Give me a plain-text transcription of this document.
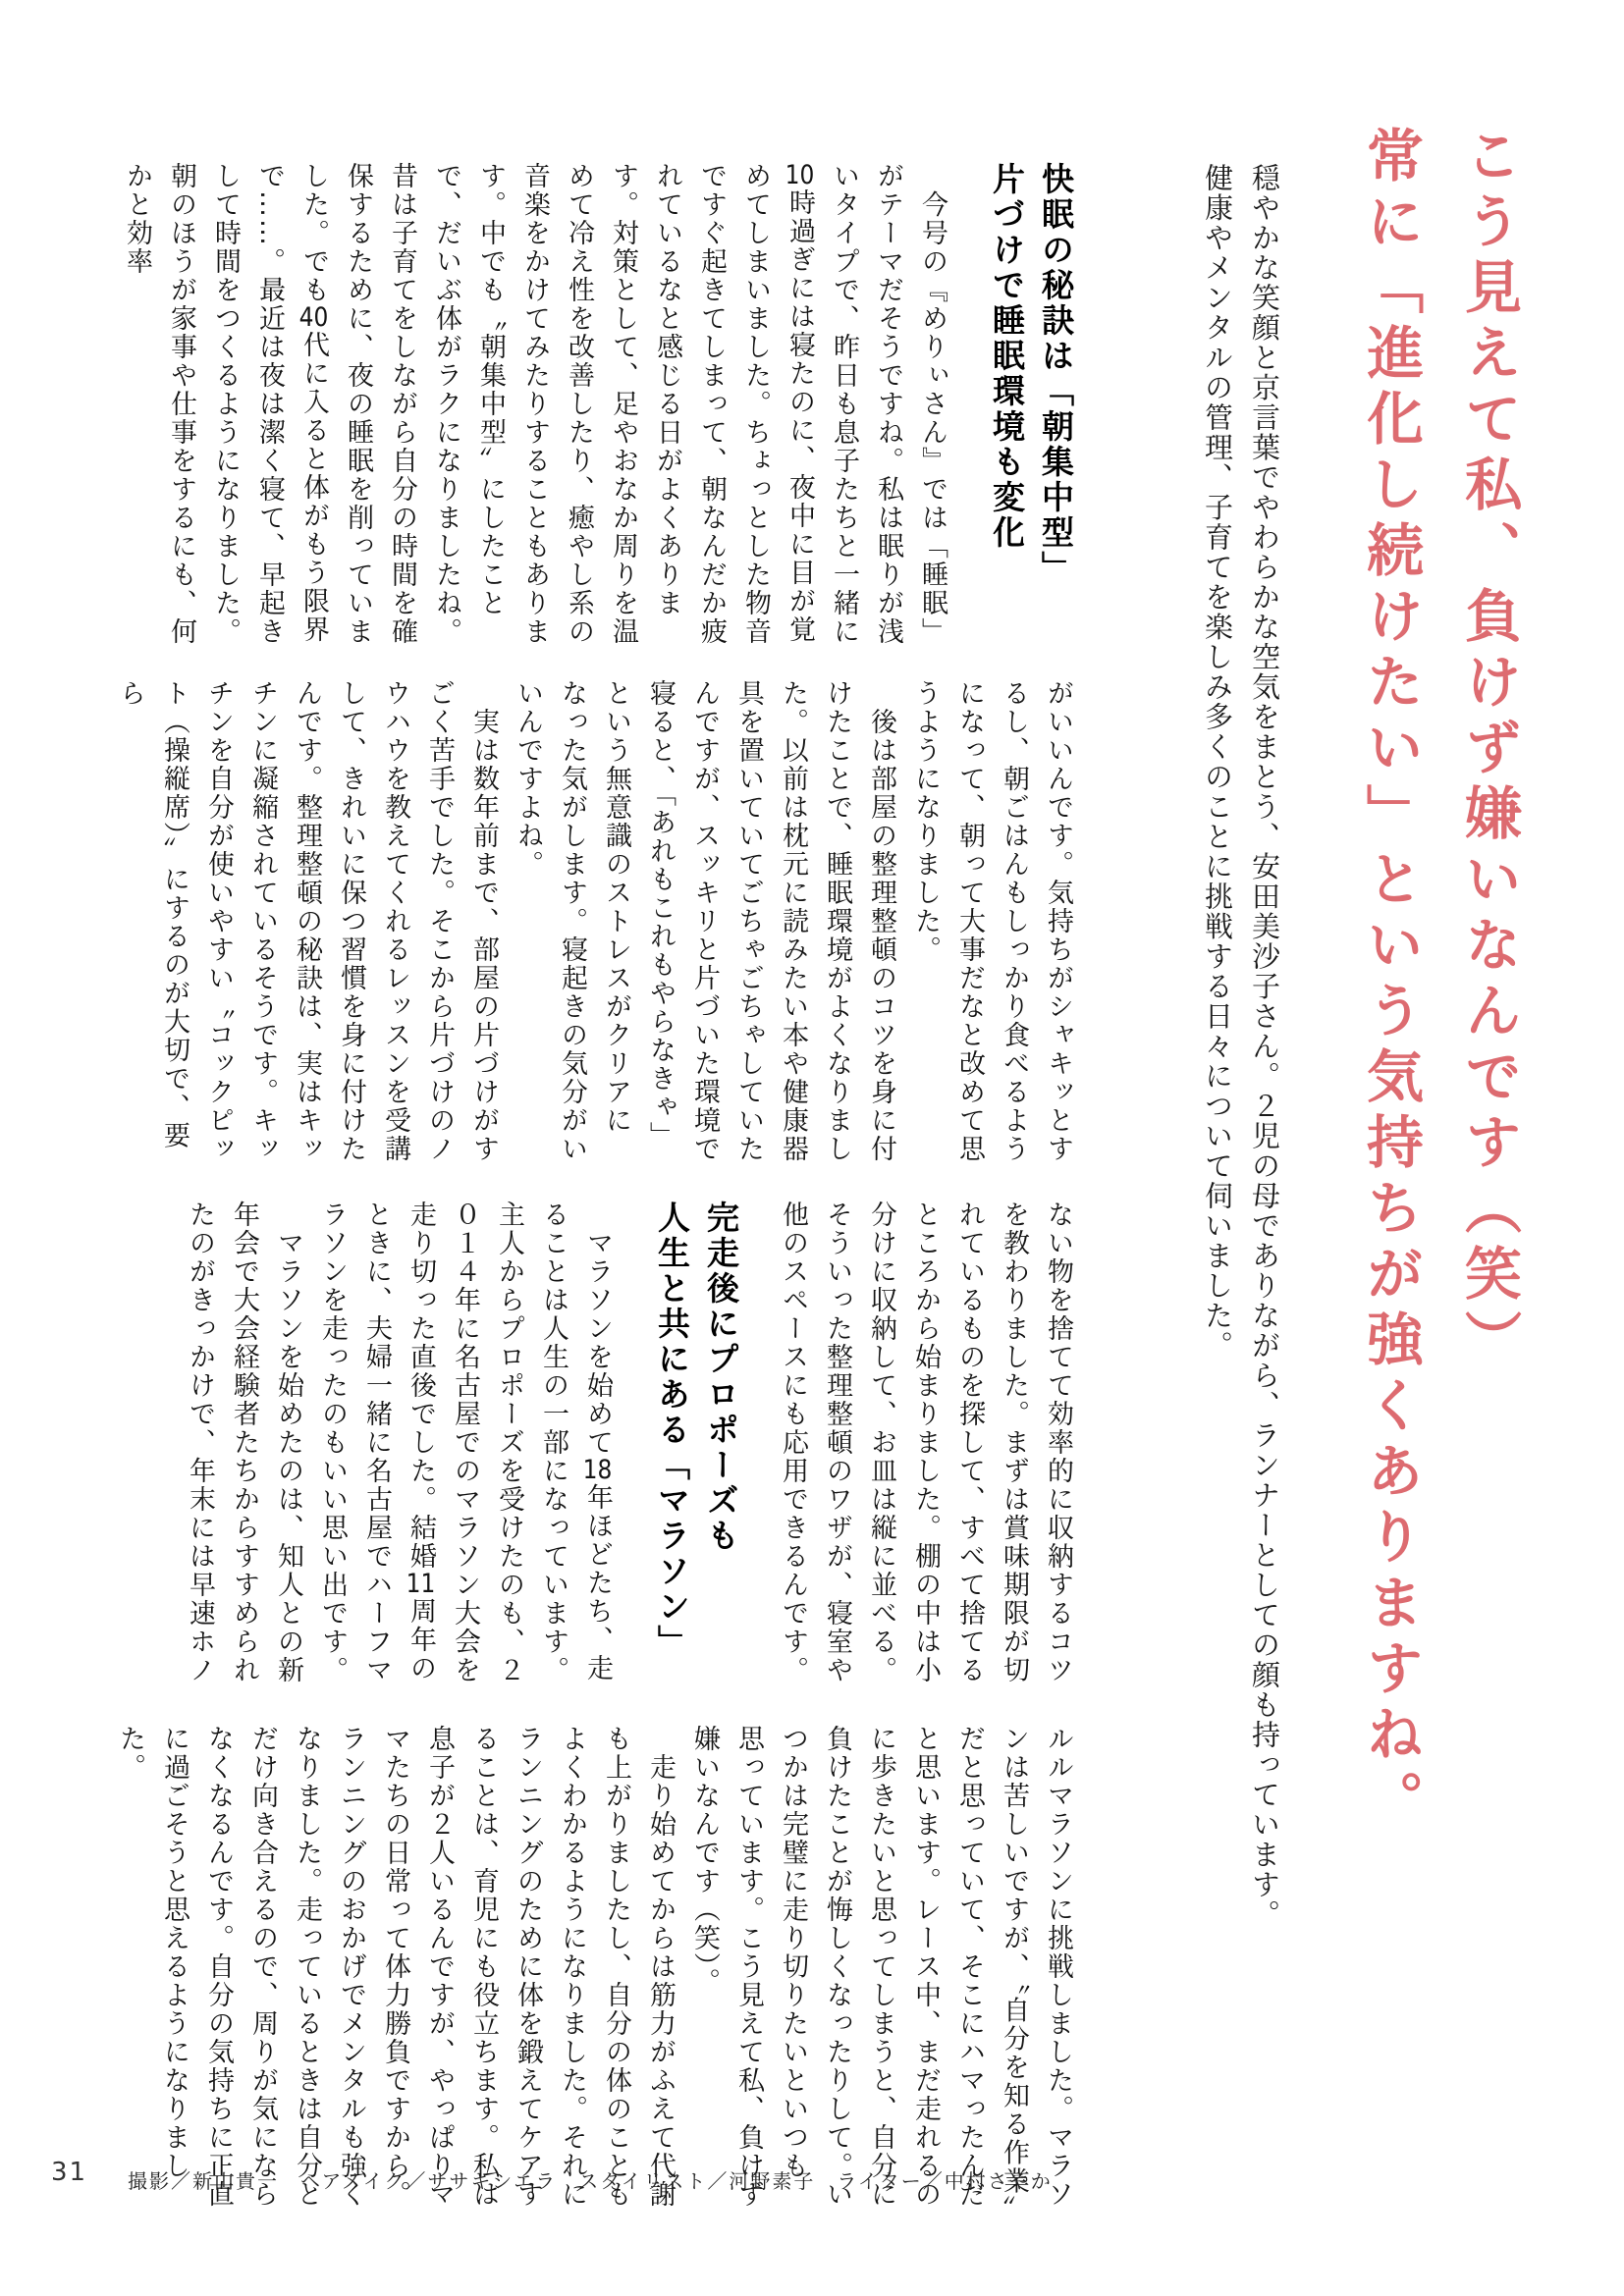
こう見えて私、負けず嫌いなんです（笑）
常に「進化し続けたい」という気持ちが強くありますね。

穏やかな笑顔と京言葉でやわらかな空気をまとう、安田美沙子さん。２児の母でありながら、ランナーとしての顔も持っています。

健康やメンタルの管理、子育てを楽しみ多くのことに挑戦する日々について伺いました。

快眠の秘訣は「朝集中型」
片づけで睡眠環境も変化

　今号の『めりぃさん』では「睡眠」がテーマだそうですね。私は眠りが浅いタイプで、昨日も息子たちと一緒に10時過ぎには寝たのに、夜中に目が覚めてしまいました。ちょっとした物音ですぐ起きてしまって、朝なんだか疲れているなと感じる日がよくあります。対策として、足やおなか周りを温めて冷え性を改善したり、癒やし系の音楽をかけてみたりすることもあります。中でも〝朝集中型〟にしたことで、だいぶ体がラクになりましたね。昔は子育てをしながら自分の時間を確保するために、夜の睡眠を削っていました。でも40代に入ると体がもう限界で……。最近は夜は潔く寝て、早起きして時間をつくるようになりました。朝のほうが家事や仕事をするにも、何かと効率

がいいんです。気持ちがシャキッとするし、朝ごはんもしっかり食べるようになって、朝って大事だなと改めて思うようになりました。

　後は部屋の整理整頓のコツを身に付けたことで、睡眠環境がよくなりました。以前は枕元に読みたい本や健康器具を置いていてごちゃごちゃしていたんですが、スッキリと片づいた環境で寝ると、「あれもこれもやらなきゃ」という無意識のストレスがクリアになった気がします。寝起きの気分がいいんですよね。

　実は数年前まで、部屋の片づけがすごく苦手でした。そこから片づけのノウハウを教えてくれるレッスンを受講して、きれいに保つ習慣を身に付けたんです。整理整頓の秘訣は、実はキッチンに凝縮されているそうです。キッチンを自分が使いやすい〝コックピット（操縦席）〟にするのが大切で、要ら

ない物を捨てて効率的に収納するコツを教わりました。まずは賞味期限が切れているものを探して、すべて捨てるところから始まりました。棚の中は小分けに収納して、お皿は縦に並べる。そういった整理整頓のワザが、寝室や他のスペースにも応用できるんです。

完走後にプロポーズも
人生と共にある「マラソン」

　マラソンを始めて18年ほどたち、走ることは人生の一部になっています。主人からプロポーズを受けたのも、２０１４年に名古屋でのマラソン大会を走り切った直後でした。結婚11周年のときに、夫婦一緒に名古屋でハーフマラソンを走ったのもいい思い出です。

　マラソンを始めたのは、知人との新年会で大会経験者たちからすすめられたのがきっかけで、年末には早速ホノ

ルルマラソンに挑戦しました。マラソンは苦しいですが、〝自分を知る作業〟だと思っていて、そこにハマったんだと思います。レース中、まだ走れるのに歩きたいと思ってしまうと、自分に負けたことが悔しくなったりして。いつかは完璧に走り切りたいといつも思っています。こう見えて私、負けず嫌いなんです（笑）。

　走り始めてからは筋力がふえて代謝も上がりましたし、自分の体のこともよくわかるようになりました。それにランニングのために体を鍛えてケアすることは、育児にも役立ちます。私は息子が２人いるんですが、やっぱりママたちの日常って体力勝負ですから。ランニングのおかげでメンタルも強くなりました。走っているときは自分とだけ向き合えるので、周りが気にならなくなるんです。自分の気持ちに正直に過ごそうと思えるようになりました。

31 撮影／新山貴一　ヘアメイク／ササキシエラ　スタイリスト／河野素子　ライター／中村さやか
